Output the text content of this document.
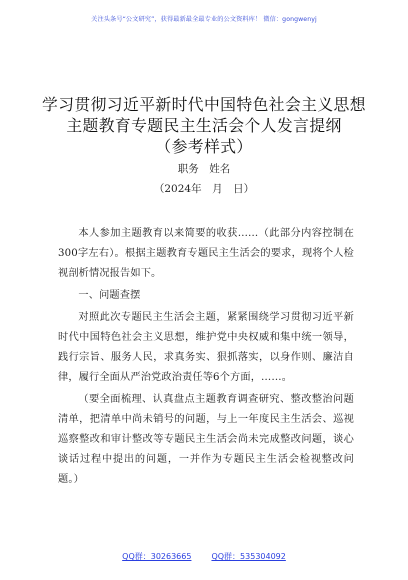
关注头条号“公文研究”，获得最新最全最专业的公文资料库！ 微信：gongwenyj
学习贯彻习近平新时代中国特色社会主义思想
主题教育专题民主生活会个人发言提纲
（参考样式）
职务　姓名
（2024年　月　日）

本人参加主题教育以来简要的收获……（此部分内容控制在300字左右）。根据主题教育专题民主生活会的要求，现将个人检视剖析情况报告如下。

一、问题查摆

对照此次专题民主生活会主题，紧紧围绕学习贯彻习近平新时代中国特色社会主义思想，维护党中央权威和集中统一领导，践行宗旨、服务人民，求真务实、狠抓落实，以身作则、廉洁自律，履行全面从严治党政治责任等6个方面，……。

（要全面梳理、认真盘点主题教育调查研究、整改整治问题清单，把清单中尚未销号的问题，与上一年度民主生活会、巡视巡察整改和审计整改等专题民主生活会尚未完成整改问题，谈心谈话过程中提出的问题，一并作为专题民主生活会检视整改问题。）

QQ群：30263665	QQ群：535304092
